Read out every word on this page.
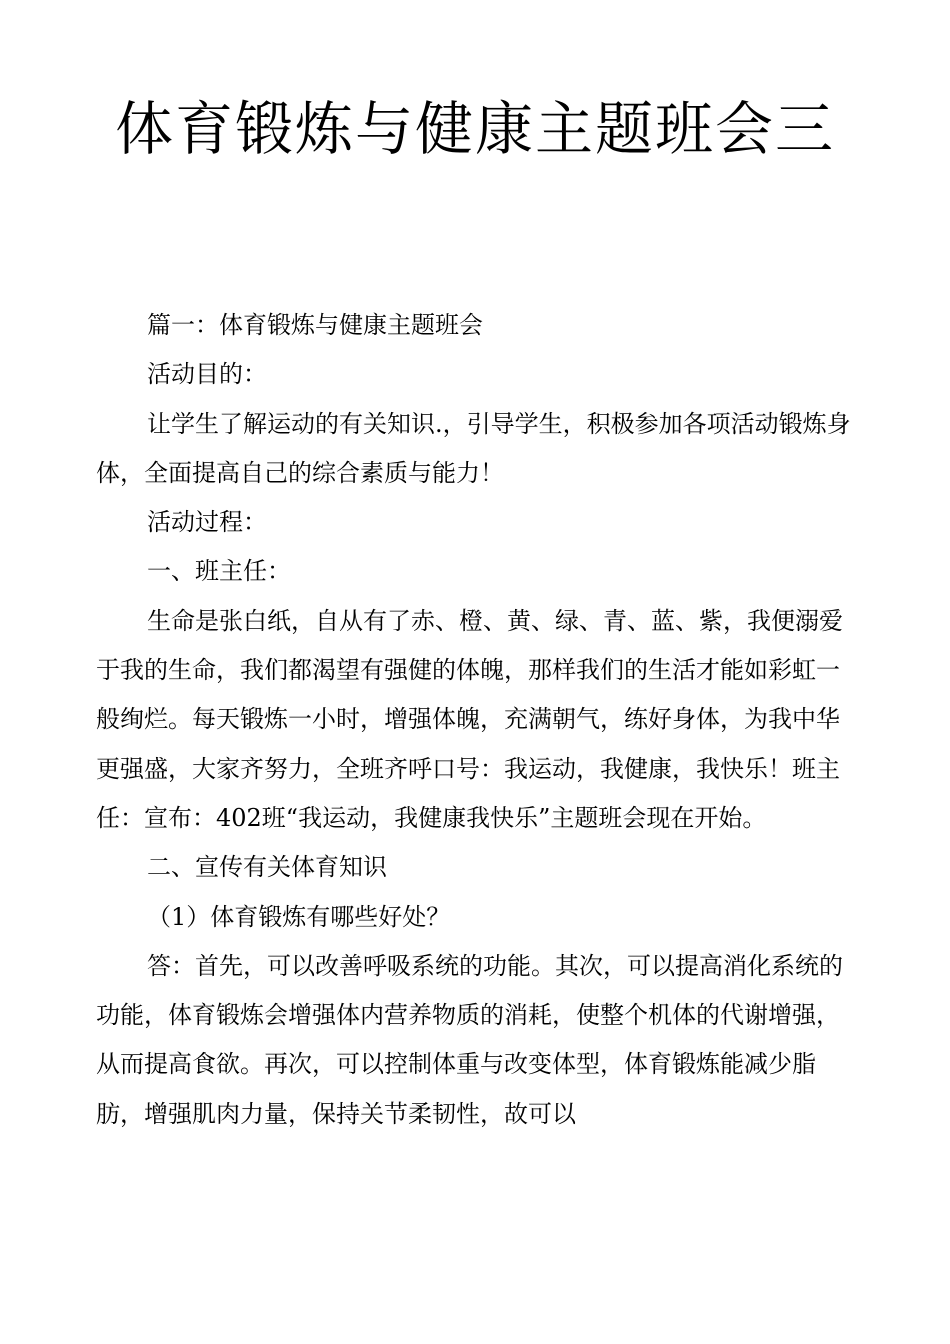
体育锻炼与健康主题班会三

篇一：体育锻炼与健康主题班会

活动目的：

让学生了解运动的有关知识.，引导学生，积极参加各项活动锻炼身体，全面提高自己的综合素质与能力！

活动过程：

一、班主任：

生命是张白纸，自从有了赤、橙、黄、绿、青、蓝、紫，我便溺爱于我的生命，我们都渴望有强健的体魄，那样我们的生活才能如彩虹一般绚烂。每天锻炼一小时，增强体魄，充满朝气，练好身体，为我中华更强盛，大家齐努力，全班齐呼口号：我运动，我健康，我快乐！班主任：宣布：402班“我运动，我健康我快乐”主题班会现在开始。

二、宣传有关体育知识

（1）体育锻炼有哪些好处？

答：首先，可以改善呼吸系统的功能。其次，可以提高消化系统的功能，体育锻炼会增强体内营养物质的消耗，使整个机体的代谢增强，从而提高食欲。再次，可以控制体重与改变体型，体育锻炼能减少脂肪，增强肌肉力量，保持关节柔韧性，故可以
